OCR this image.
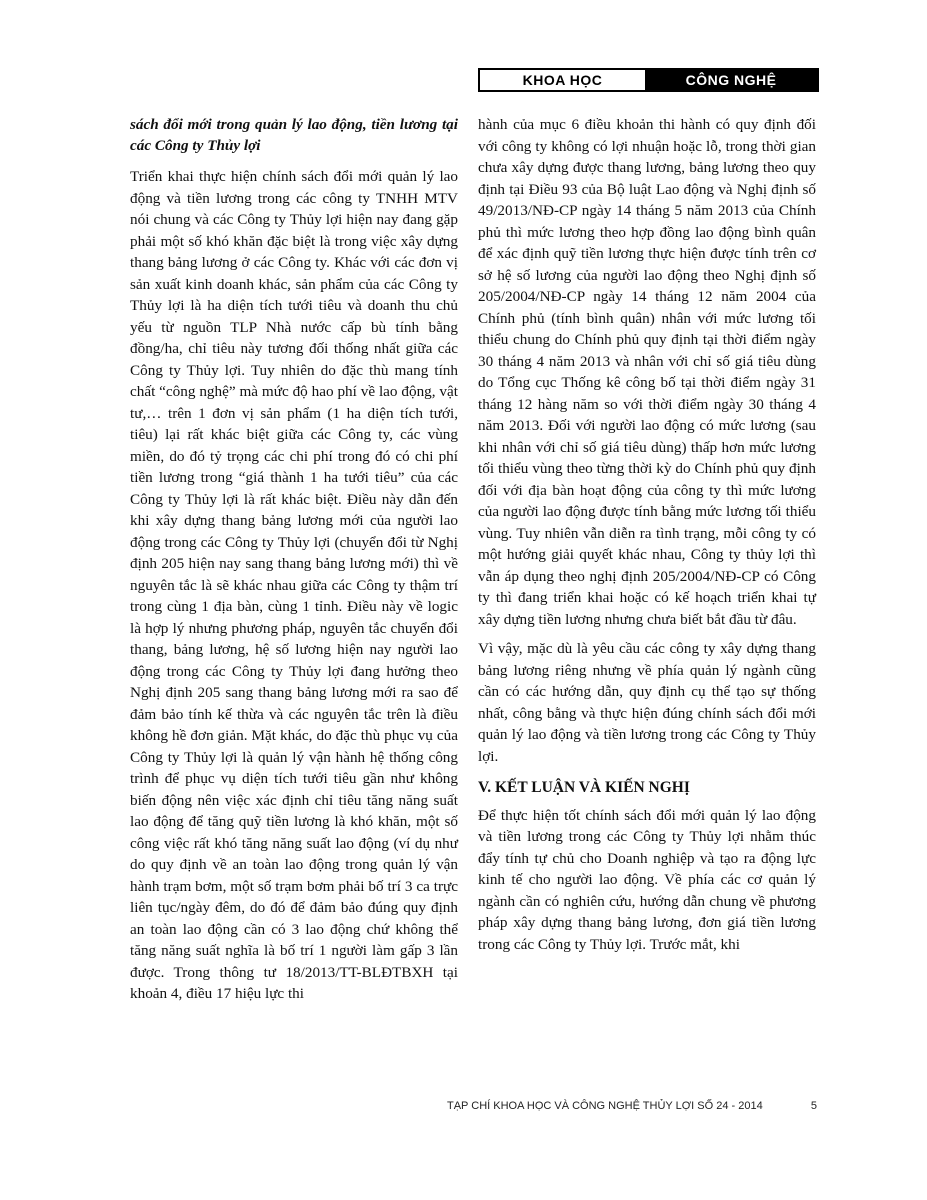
KHOA HỌC	CÔNG NGHỆ
sách đổi mới trong quản lý lao động, tiền lương tại các Công ty Thủy lợi

Triển khai thực hiện chính sách đổi mới quản lý lao động và tiền lương trong các công ty TNHH MTV nói chung và các Công ty Thủy lợi hiện nay đang gặp phải một số khó khăn đặc biệt là trong việc xây dựng thang bảng lương ở các Công ty. Khác với các đơn vị sản xuất kinh doanh khác, sản phẩm của các Công ty Thủy lợi là ha diện tích tưới tiêu và doanh thu chủ yếu từ nguồn TLP Nhà nước cấp bù tính bằng đồng/ha, chỉ tiêu này tương đối thống nhất giữa các Công ty Thủy lợi. Tuy nhiên do đặc thù mang tính chất “công nghệ” mà mức độ hao phí về lao động, vật tư,… trên 1 đơn vị sản phẩm (1 ha diện tích tưới, tiêu) lại rất khác biệt giữa các Công ty, các vùng miền, do đó tỷ trọng các chi phí trong đó có chi phí tiền lương trong “giá thành 1 ha tưới tiêu” của các Công ty Thủy lợi là rất khác biệt. Điều này dẫn đến khi xây dựng thang bảng lương mới của người lao động trong các Công ty Thủy lợi (chuyển đổi từ Nghị định 205 hiện nay sang thang bảng lương mới) thì về nguyên tắc là sẽ khác nhau giữa các Công ty thậm trí trong cùng 1 địa bàn, cùng 1 tỉnh. Điều này về logic là hợp lý nhưng phương pháp, nguyên tắc chuyển đổi thang, bảng lương, hệ số lương hiện nay người lao động trong các Công ty Thủy lợi đang hưởng theo Nghị định 205 sang thang bảng lương mới ra sao để đảm bảo tính kế thừa và các nguyên tắc trên là điều không hề đơn giản. Mặt khác, do đặc thù phục vụ của Công ty Thủy lợi là quản lý vận hành hệ thống công trình để phục vụ diện tích tưới tiêu gần như không biến động nên việc xác định chỉ tiêu tăng năng suất lao động để tăng quỹ tiền lương là khó khăn, một số công việc rất khó tăng năng suất lao động (ví dụ như do quy định về an toàn lao động trong quản lý vận hành trạm bơm, một số trạm bơm phải bố trí 3 ca trực liên tục/ngày đêm, do đó để đảm bảo đúng quy định an toàn lao động cần có 3 lao động chứ không thể tăng năng suất nghĩa là bố trí 1 người làm gấp 3 lần được. Trong thông tư 18/2013/TT-BLĐTBXH tại khoản 4, điều 17 hiệu lực thi

hành của mục 6 điều khoản thi hành có quy định đối với công ty không có lợi nhuận hoặc lỗ, trong thời gian chưa xây dựng được thang lương, bảng lương theo quy định tại Điều 93 của Bộ luật Lao động và Nghị định số 49/2013/NĐ-CP ngày 14 tháng 5 năm 2013 của Chính phủ thì mức lương theo hợp đồng lao động bình quân để xác định quỹ tiền lương thực hiện được tính trên cơ sở hệ số lương của người lao động theo Nghị định số 205/2004/NĐ-CP ngày 14 tháng 12 năm 2004 của Chính phủ (tính bình quân) nhân với mức lương tối thiểu chung do Chính phủ quy định tại thời điểm ngày 30 tháng 4 năm 2013 và nhân với chỉ số giá tiêu dùng do Tổng cục Thống kê công bố tại thời điểm ngày 31 tháng 12 hàng năm so với thời điểm ngày 30 tháng 4 năm 2013. Đối với người lao động có mức lương (sau khi nhân với chỉ số giá tiêu dùng) thấp hơn mức lương tối thiểu vùng theo từng thời kỳ do Chính phủ quy định đối với địa bàn hoạt động của công ty thì mức lương của người lao động được tính bằng mức lương tối thiểu vùng. Tuy nhiên vẫn diễn ra tình trạng, mỗi công ty có một hướng giải quyết khác nhau, Công ty thủy lợi thì vẫn áp dụng theo nghị định 205/2004/NĐ-CP có Công ty thì đang triển khai hoặc có kế hoạch triển khai tự xây dựng tiền lương nhưng chưa biết bắt đầu từ đâu.

Vì vậy, mặc dù là yêu cầu các công ty xây dựng thang bảng lương riêng nhưng về phía quản lý ngành cũng cần có các hướng dẫn, quy định cụ thể tạo sự thống nhất, công bằng và thực hiện đúng chính sách đổi mới quản lý lao động và tiền lương trong các Công ty Thủy lợi.

V. KẾT LUẬN VÀ KIẾN NGHỊ

Để thực hiện tốt chính sách đổi mới quản lý lao động và tiền lương trong các Công ty Thủy lợi nhằm thúc đẩy tính tự chủ cho Doanh nghiệp và tạo ra động lực kinh tế cho người lao động. Về phía các cơ quản lý ngành cần có nghiên cứu, hướng dẫn chung về phương pháp xây dựng thang bảng lương, đơn giá tiền lương trong các Công ty Thủy lợi. Trước mắt, khi

TẠP CHÍ KHOA HỌC VÀ CÔNG NGHỆ THỦY LỢI SỐ 24 - 2014	5
